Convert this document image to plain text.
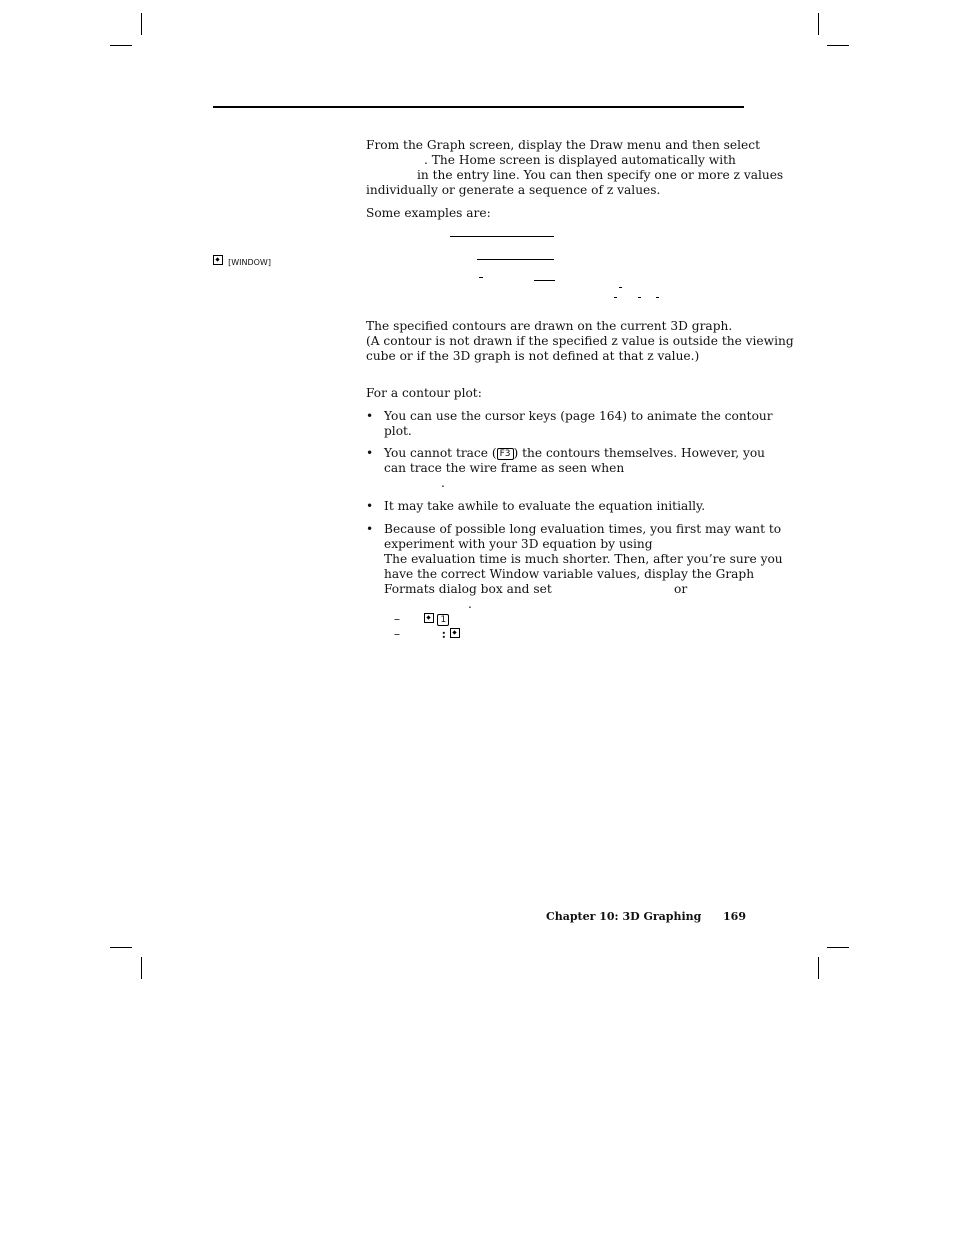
From the Graph screen, display the Draw menu and then select
. The Home screen is displayed automatically with
in the entry line. You can then specify one or more z values
individually or generate a sequence of z values.
Some examples are:
[WINDOW]
The specified contours are drawn on the current 3D graph.
(A contour is not drawn if the specified z value is outside the viewing
cube or if the 3D graph is not defined at that z value.)
For a contour plot:
• You can use the cursor keys (page 164) to animate the contour
plot.
• You cannot trace ( F3 ) the contours themselves. However, you
can trace the wire frame as seen when
.
• It may take awhile to evaluate the equation initially.
• Because of possible long evaluation times, you first may want to
experiment with your 3D equation by using
The evaluation time is much shorter. Then, after you’re sure you
have the correct Window variable values, display the Graph
Formats dialog box and set	or
.
–	1
–	:
Chapter 10: 3D Graphing 169
